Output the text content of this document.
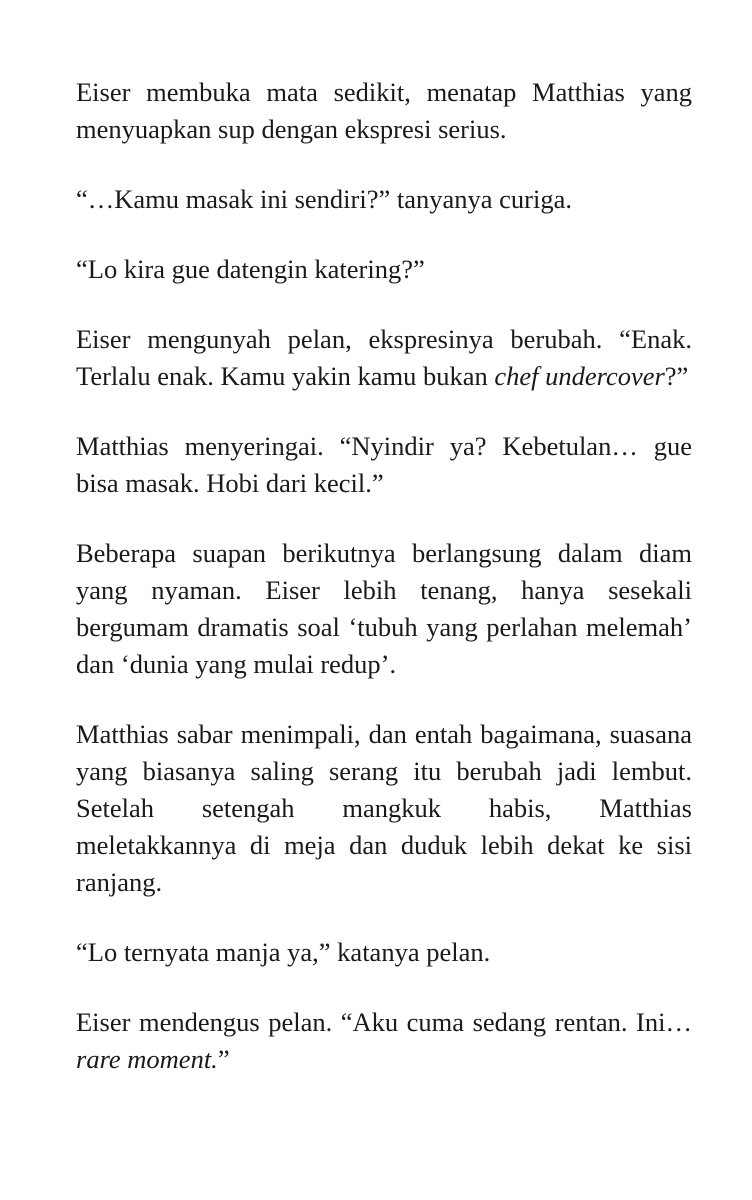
Eiser membuka mata sedikit, menatap Matthias yang menyuapkan sup dengan ekspresi serius.

“…Kamu masak ini sendiri?” tanyanya curiga.

“Lo kira gue datengin katering?”

Eiser mengunyah pelan, ekspresinya berubah. “Enak. Terlalu enak. Kamu yakin kamu bukan chef undercover?”

Matthias menyeringai. “Nyindir ya? Kebetulan… gue bisa masak. Hobi dari kecil.”

Beberapa suapan berikutnya berlangsung dalam diam yang nyaman. Eiser lebih tenang, hanya sesekali bergumam dramatis soal ‘tubuh yang perlahan melemah’ dan ‘dunia yang mulai redup’.

Matthias sabar menimpali, dan entah bagaimana, suasana yang biasanya saling serang itu berubah jadi lembut. Setelah setengah mangkuk habis, Matthias meletakkannya di meja dan duduk lebih dekat ke sisi ranjang.

“Lo ternyata manja ya,” katanya pelan.

Eiser mendengus pelan. “Aku cuma sedang rentan. Ini… rare moment.”
